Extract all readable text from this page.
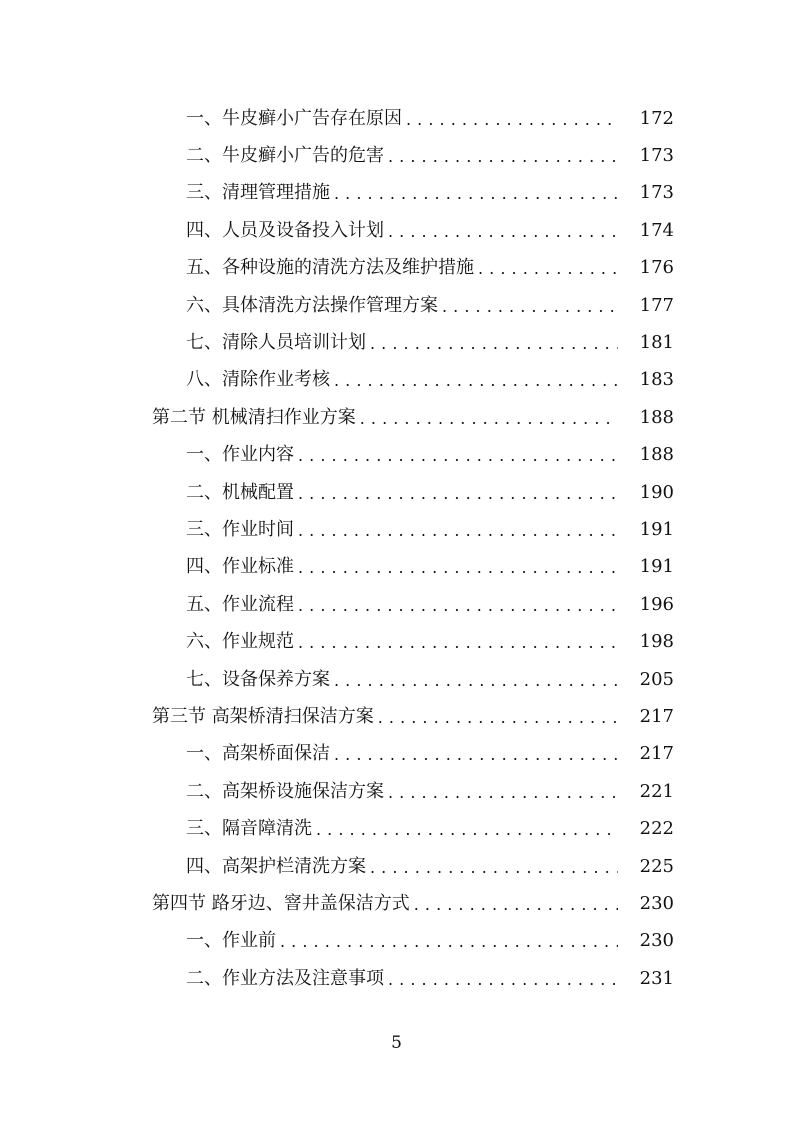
一、牛皮癣小广告存在原因 . . .	172
二、牛皮癣小广告的危害 . . .	173
三、清理管理措施 . . .	173
四、人员及设备投入计划 . . .	174
五、各种设施的清洗方法及维护措施 . . .	176
六、具体清洗方法操作管理方案 . . .	177
七、清除人员培训计划 . . .	181
八、清除作业考核 . . .	183
第二节 机械清扫作业方案 . . .	188
一、作业内容 . . .	188
二、机械配置 . . .	190
三、作业时间 . . .	191
四、作业标准 . . .	191
五、作业流程 . . .	196
六、作业规范 . . .	198
七、设备保养方案 . . .	205
第三节 高架桥清扫保洁方案 . . .	217
一、高架桥面保洁 . . .	217
二、高架桥设施保洁方案 . . .	221
三、隔音障清洗 . . .	222
四、高架护栏清洗方案 . . .	225
第四节 路牙边、窨井盖保洁方式 . . .	230
一、作业前 . . .	230
二、作业方法及注意事项 . . .	231
5
